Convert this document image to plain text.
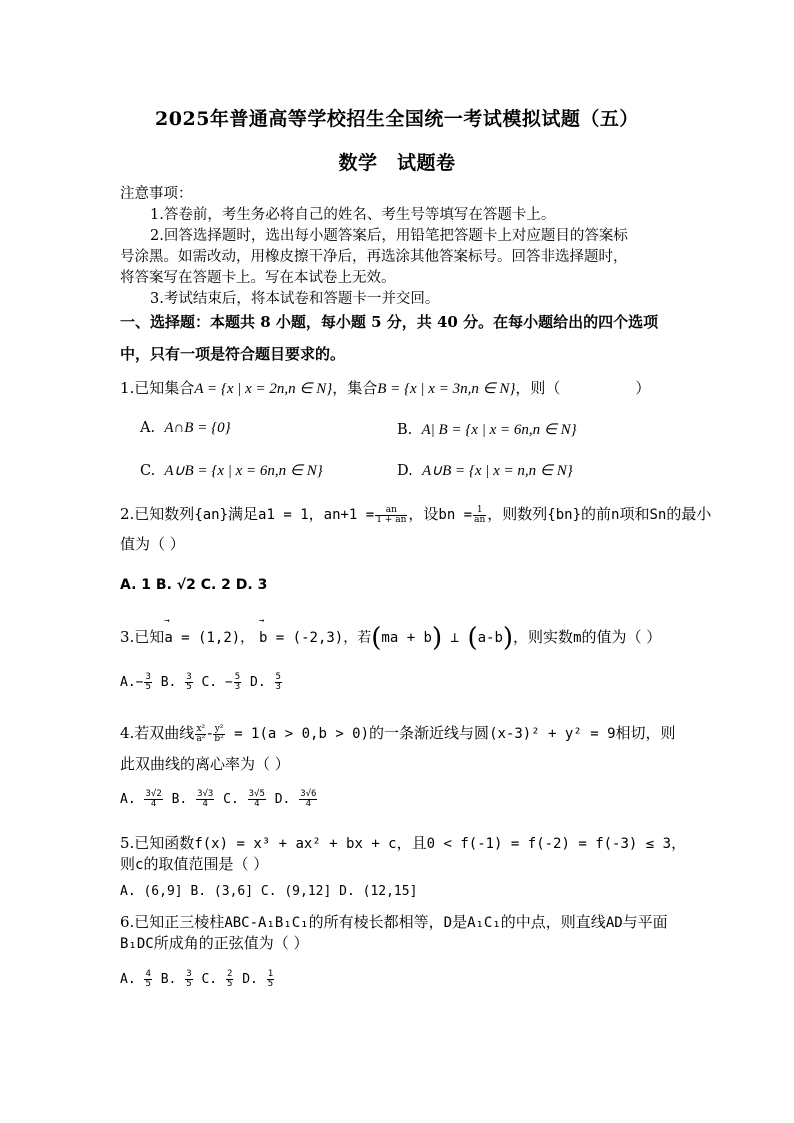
2025年普通高等学校招生全国统一考试模拟试题（五）
数学　试题卷
注意事项：
1.答卷前，考生务必将自己的姓名、考生号等填写在答题卡上。
2.回答选择题时，选出每小题答案后，用铅笔把答题卡上对应题目的答案标
号涂黑。如需改动，用橡皮擦干净后，再选涂其他答案标号。回答非选择题时，
将答案写在答题卡上。写在本试卷上无效。
3.考试结束后，将本试卷和答题卡一并交回。
一、选择题：本题共 8 小题，每小题 5 分，共 40 分。在每小题给出的四个选项
中，只有一项是符合题目要求的。
1.已知集合A = {x | x = 2n,n ∈ N}，集合B = {x | x = 3n,n ∈ N}，则（　　　　　）
A. A∩B = {0}	B. A| B = {x | x = 6n,n ∈ N}
C. A∪B = {x | x = 6n,n ∈ N}	D. A∪B = {x | x = n,n ∈ N}
2.已知数列{an}满足a1 = 1，$an+1 = \frac{an}{1 + an}$ ，设bn = $\frac{1}{an}$ ，则数列{bn}的前n项和Sn的最小
值为（ ）
A. 1 B. √2 C. 2 D. 3
3.已知→ a = (1,2)， → b = (-2,3)，若(ma + b) ⊥ (a-b)，则实数m的值为（ ）
$A.- \frac{3}{5} B$. $\frac{3}{5} C$. − $\frac{5}{3} D$. $\frac{5}{3}$
4.若双曲线 $\frac{\text{x²}}{\text{a²}} - \frac{\text{y²}}{\text{b²}} = 1(a > 0,b > 0)$的一条渐近线与圆(x-3)² + y² = 9相切，则
此双曲线的离心率为（ ）
A. $\frac{3√2}{4} B$. $\frac{3√3}{4} C$. $\frac{3√5}{4} D$. $\frac{3√6}{4}$
5.已知函数f(x) = x³ + ax² + bx + c，且0 < f(-1) = f(-2) = f(-3) ≤ 3，
则c的取值范围是（ ）
A. (6,9] B. (3,6] C. (9,12] D. (12,15]
6.已知正三棱柱ABC-A₁B₁C₁的所有棱长都相等，D是A₁C₁的中点，则直线AD与平面
B₁DC所成角的正弦值为（ ）
A. $\frac{4}{5} B$. $\frac{3}{5} C$. $\frac{2}{5} D$. $\frac{1}{5}$
